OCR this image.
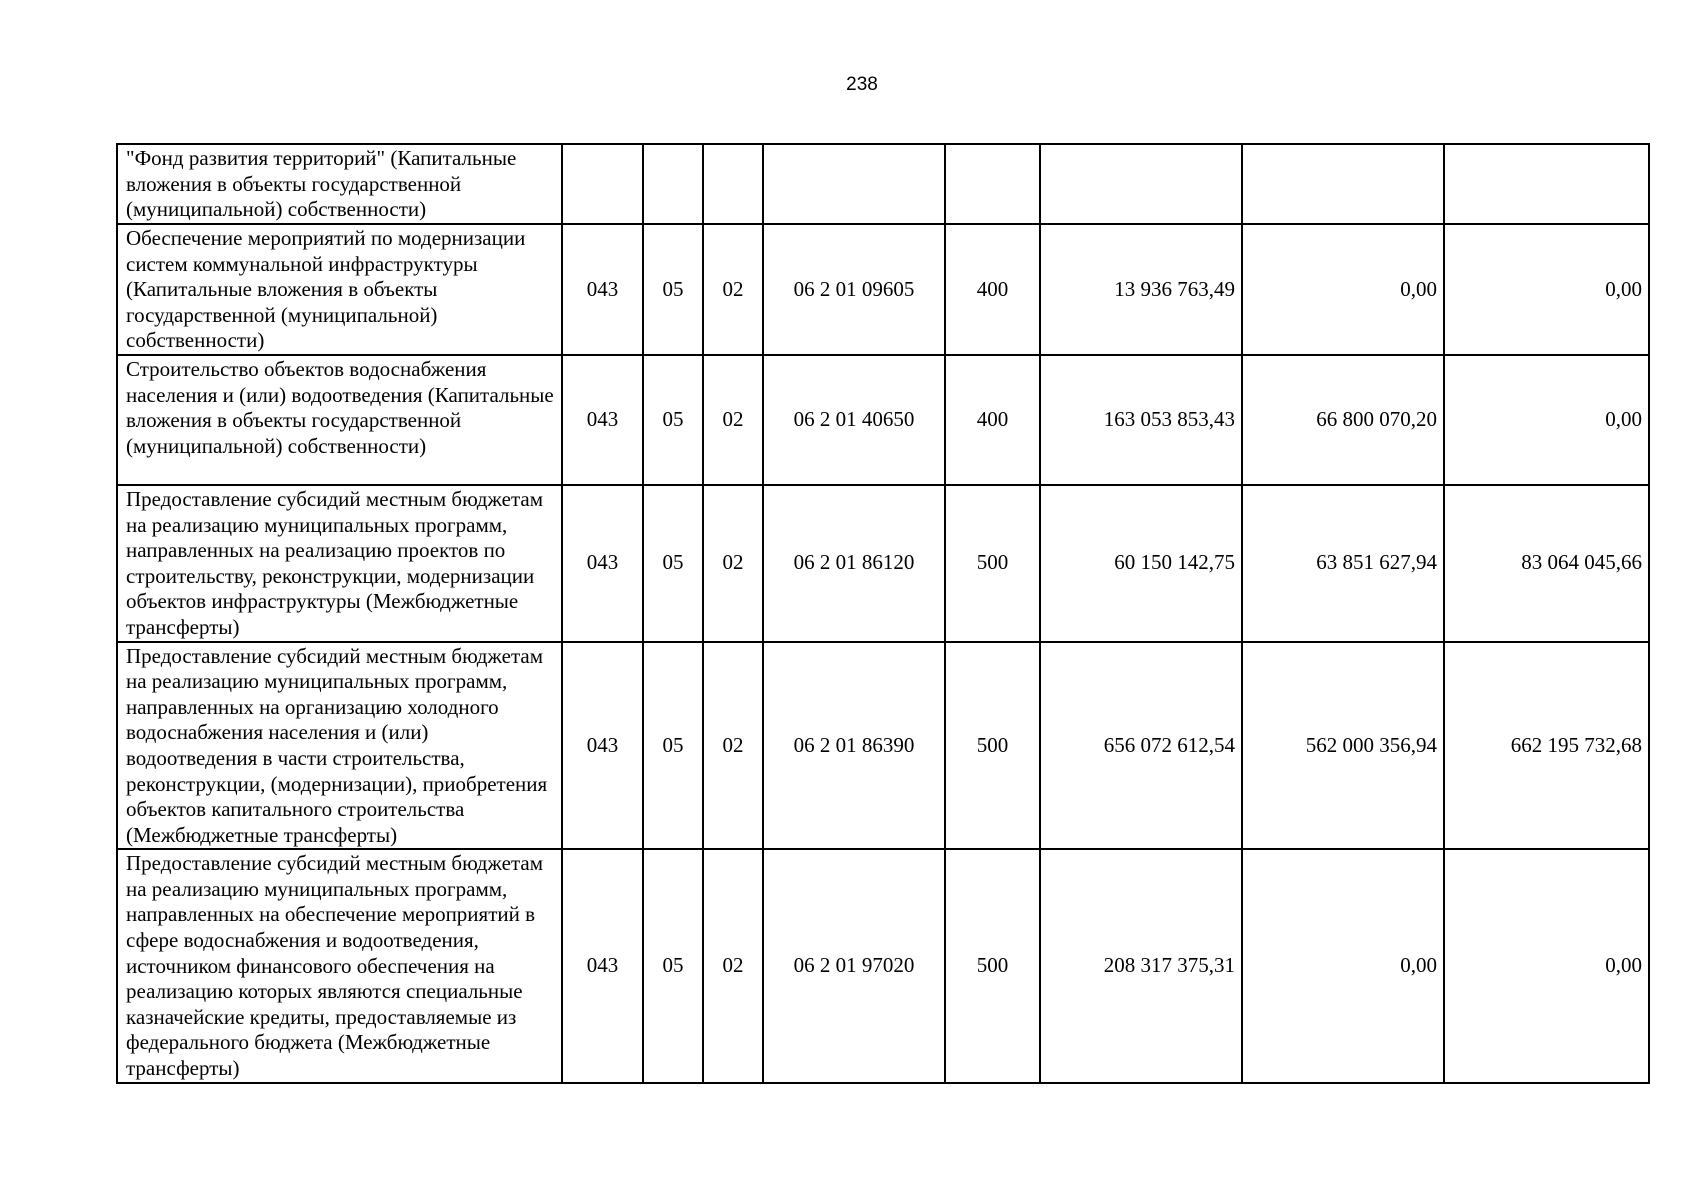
238
"Фонд развития территорий" (Капитальные вложения в объекты государственной (муниципальной) собственности)								
Обеспечение мероприятий по модернизации систем коммунальной инфраструктуры (Капитальные вложения в объекты государственной (муниципальной) собственности)	043	05	02	06 2 01 09605	400	13 936 763,49	0,00	0,00
Строительство объектов водоснабжения населения и (или) водоотведения (Капитальные вложения в объекты государственной (муниципальной) собственности)	043	05	02	06 2 01 40650	400	163 053 853,43	66 800 070,20	0,00
Предоставление субсидий местным бюджетам на реализацию муниципальных программ, направленных на реализацию проектов по строительству, реконструкции, модернизации объектов инфраструктуры (Межбюджетные трансферты)	043	05	02	06 2 01 86120	500	60 150 142,75	63 851 627,94	83 064 045,66
Предоставление субсидий местным бюджетам на реализацию муниципальных программ, направленных на организацию холодного водоснабжения населения и (или) водоотведения в части строительства, реконструкции, (модернизации), приобретения объектов капитального строительства (Межбюджетные трансферты)	043	05	02	06 2 01 86390	500	656 072 612,54	562 000 356,94	662 195 732,68
Предоставление субсидий местным бюджетам на реализацию муниципальных программ, направленных на обеспечение мероприятий в сфере водоснабжения и водоотведения, источником финансового обеспечения на реализацию которых являются специальные казначейские кредиты, предоставляемые из федерального бюджета (Межбюджетные трансферты)	043	05	02	06 2 01 97020	500	208 317 375,31	0,00	0,00
